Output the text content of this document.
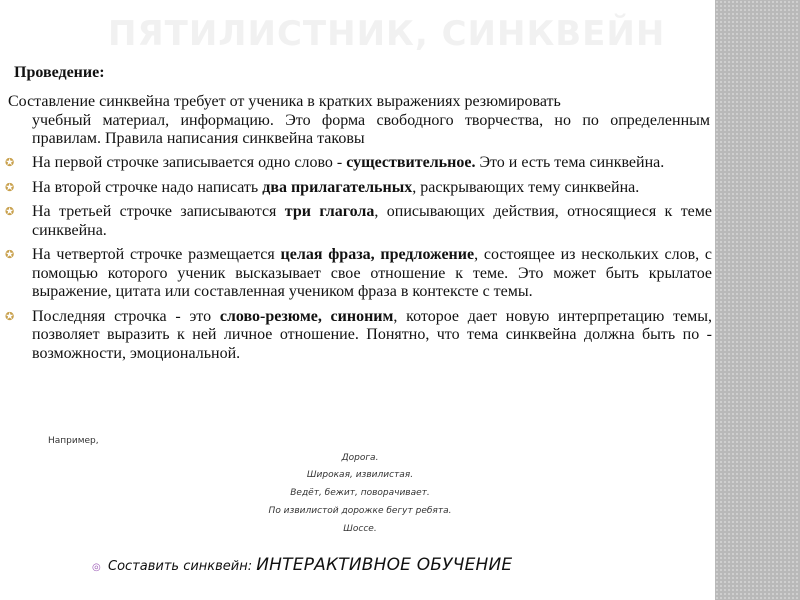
ПЯТИЛИСТНИК, СИНКВЕЙН
Проведение:
Составление синквейна требует от ученика в кратких выражениях резюмировать
учебный материал, информацию. Это форма свободного творчества, но по определенным правилам. Правила написания синквейна таковы
✪ На первой строчке записывается одно слово - существительное. Это и есть тема синквейна.
✪ На второй строчке надо написать два прилагательных, раскрывающих тему синквейна.
✪ На третьей строчке записываются три глагола, описывающих действия, относящиеся к теме синквейна.
✪ На четвертой строчке размещается целая фраза, предложение, состоящее из нескольких слов, с помощью которого ученик высказывает свое отношение к теме. Это может быть крылатое выражение, цитата или составленная учеником фраза в контексте с темы.
✪ Последняя строчка - это слово-резюме, синоним, которое дает новую интерпретацию темы, позволяет выразить к ней личное отношение. Понятно, что тема синквейна должна быть по - возможности, эмоциональной.
Например,
Дорога.
Широкая, извилистая.
Ведёт, бежит, поворачивает.
По извилистой дорожке бегут ребята.
Шоссе.
◎ Составить синквейн: ИНТЕРАКТИВНОЕ ОБУЧЕНИЕ
